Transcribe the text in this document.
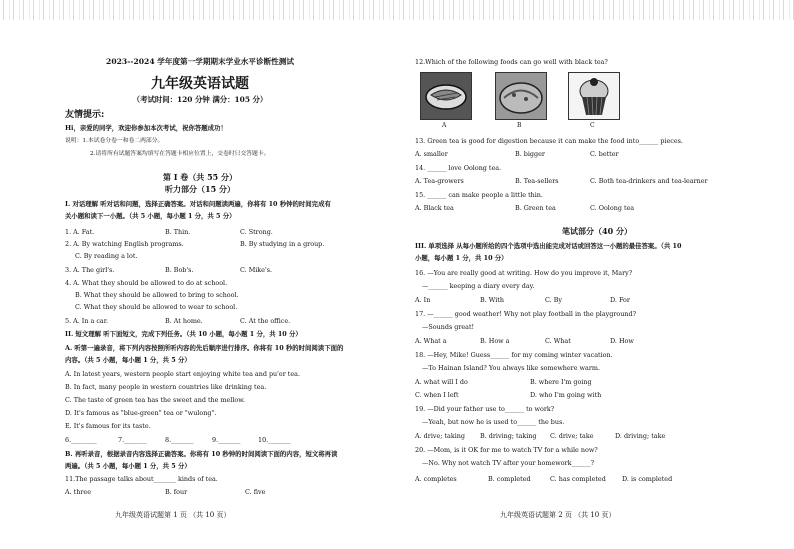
2023--2024 学年度第一学期期末学业水平诊断性测试
九年级英语试题
（考试时间：120 分钟 满分：105 分）
友情提示:
Hi，亲爱的同学，欢迎你参加本次考试，祝你答题成功！
说明：1.本试卷分卷一和卷二两部分。
2.请将所有试题答案均填写在答题卡相应位置上，交卷时只交答题卡。
第 I 卷（共 55 分）
听力部分（15 分）
I. 对话理解 听对话和问题，选择正确答案。对话和问题读两遍，你将有 10 秒钟的时间完成有
关小题和读下一小题。（共 5 小题，每小题 1 分，共 5 分）
1. A. Fat.	B. Thin.	C. Strong.
2. A. By watching English programs.	B. By studying in a group.
C. By reading a lot.
3. A. The girl's.	B. Bob's.	C. Mike's.
4. A. What they should be allowed to do at school.
B. What they should be allowed to bring to school.
C. What they should be allowed to wear to school.
5. A. In a car.	B. At home.	C. At the office.
II. 短文理解 听下面短文，完成下列任务。（共 10 小题，每小题 1 分，共 10 分）
A. 听第一遍录音，将下列内容按照所听内容的先后顺序进行排序。你将有 10 秒的时间阅读下面的
内容。（共 5 小题，每小题 1 分，共 5 分）
A. In latest years, western people start enjoying white tea and pu'er tea.
B. In fact, many people in western countries like drinking tea.
C. The taste of green tea has the sweet and the mellow.
D. It's famous as "blue-green" tea or "wulong".
E. It's famous for its taste.
6.________	7._______	8._______	9._______	10._______
B. 再听录音，根据录音内容选择正确答案。你将有 10 秒钟的时间阅读下面的内容，短文将再读
两遍。（共 5 小题，每小题 1 分，共 5 分）
11.The passage talks about_______ kinds of tea.
A. three	B. four	C. five
九年级英语试题第 1 页 （共 10 页）
12.Which of the following foods can go well with black tea?
A	B	C
13. Green tea is good for digestion because it can make the food into______ pieces.
A. smaller	B. bigger	C. better
14. ______ love Oolong tea.
A. Tea-growers	B. Tea-sellers	C. Both tea-drinkers and tea-learner
15. ______ can make people a little thin.
A. Black tea	B. Green tea	C. Oolong tea
笔试部分（40 分）
III. 单项选择 从每小题所给的四个选项中选出能完成对话或回答这一小题的最佳答案。（共 10
小题，每小题 1 分，共 10 分）
16. —You are really good at writing. How do you improve it, Mary?
—______ keeping a diary every day.
A. In	B. With	C. By	D. For
17. —______ good weather! Why not play football in the playground?
—Sounds great!
A. What a	B. How a	C. What	D. How
18. —Hey, Mike! Guess______ for my coming winter vacation.
—To Hainan Island? You always like somewhere warm.
A. what will I do	B. where I'm going
C. when I left	D. who I'm going with
19. —Did your father use to______ to work?
—Yeah, but now he is used to______ the bus.
A. drive; taking B. driving; taking C. drive; take	D. driving; take
20. —Mom, is it OK for me to watch TV for a while now?
—No. Why not watch TV after your homework______?
A. completes	B. completed	C. has completed	D. is completed
九年级英语试题第 2 页 （共 10 页）
